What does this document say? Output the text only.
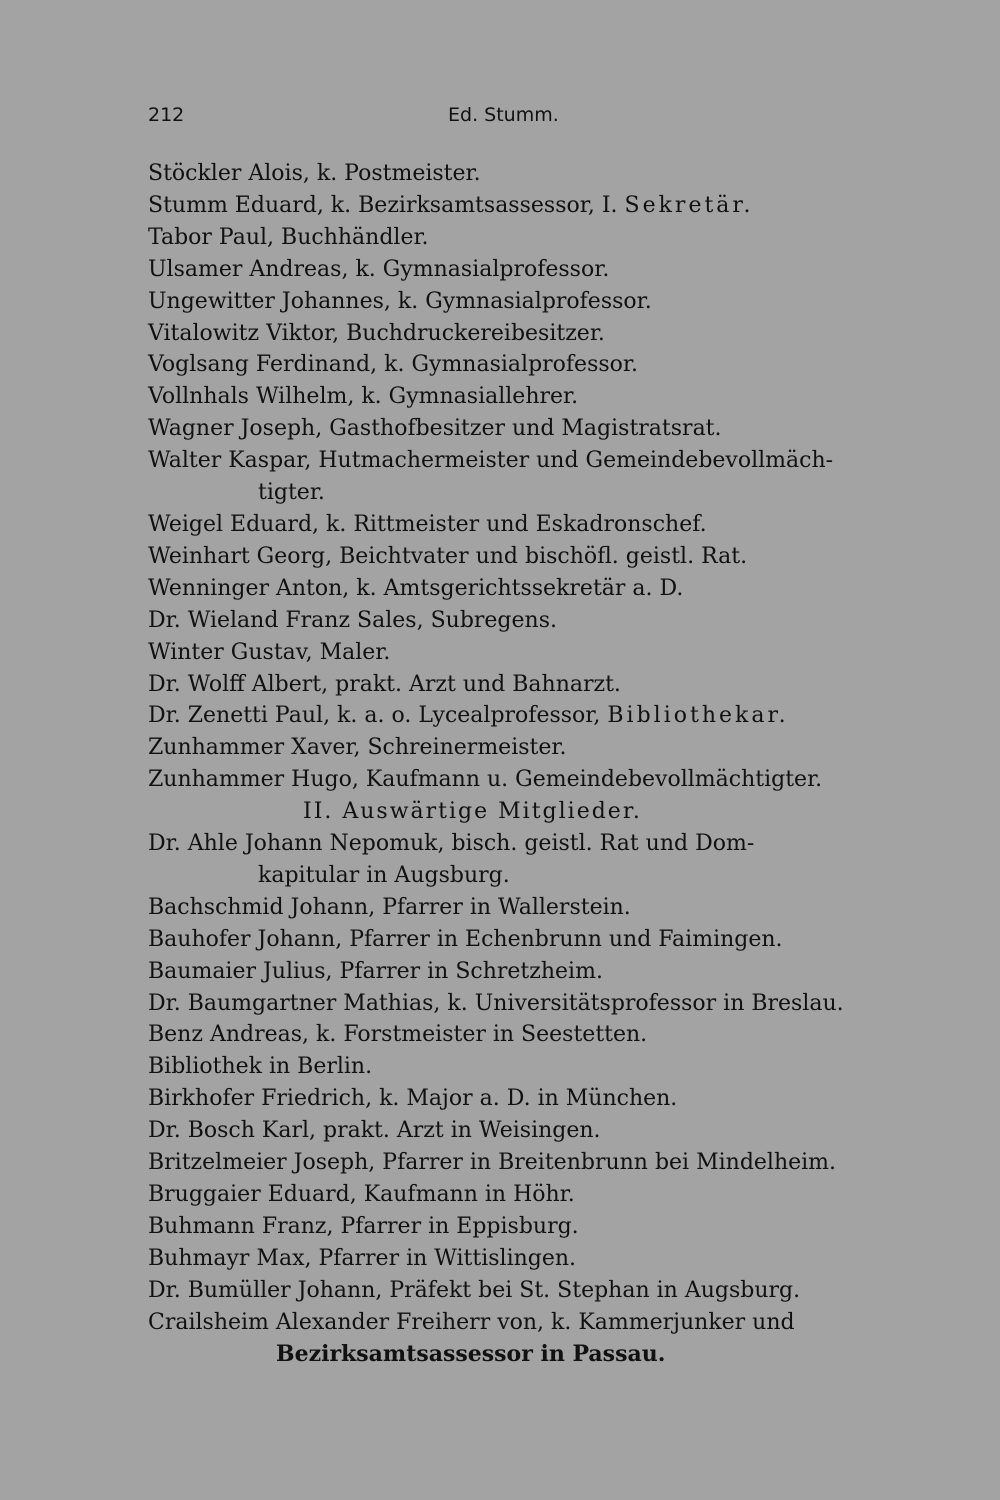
212	Ed. Stumm.
Stöckler Alois, k. Postmeister.
Stumm Eduard, k. Bezirksamtsassessor, I. Sekretär.
Tabor Paul, Buchhändler.
Ulsamer Andreas, k. Gymnasialprofessor.
Ungewitter Johannes, k. Gymnasialprofessor.
Vitalowitz Viktor, Buchdruckereibesitzer.
Voglsang Ferdinand, k. Gymnasialprofessor.
Vollnhals Wilhelm, k. Gymnasiallehrer.
Wagner Joseph, Gasthofbesitzer und Magistratsrat.
Walter Kaspar, Hutmachermeister und Gemeindebevollmäch-
tigter.
Weigel Eduard, k. Rittmeister und Eskadronschef.
Weinhart Georg, Beichtvater und bischöfl. geistl. Rat.
Wenninger Anton, k. Amtsgerichtssekretär a. D.
Dr. Wieland Franz Sales, Subregens.
Winter Gustav, Maler.
Dr. Wolff Albert, prakt. Arzt und Bahnarzt.
Dr. Zenetti Paul, k. a. o. Lycealprofessor, Bibliothekar.
Zunhammer Xaver, Schreinermeister.
Zunhammer Hugo, Kaufmann u. Gemeindebevollmächtigter.
II. Auswärtige Mitglieder.
Dr. Ahle Johann Nepomuk, bisch. geistl. Rat und Dom-
kapitular in Augsburg.
Bachschmid Johann, Pfarrer in Wallerstein.
Bauhofer Johann, Pfarrer in Echenbrunn und Faimingen.
Baumaier Julius, Pfarrer in Schretzheim.
Dr. Baumgartner Mathias, k. Universitätsprofessor in Breslau.
Benz Andreas, k. Forstmeister in Seestetten.
Bibliothek in Berlin.
Birkhofer Friedrich, k. Major a. D. in München.
Dr. Bosch Karl, prakt. Arzt in Weisingen.
Britzelmeier Joseph, Pfarrer in Breitenbrunn bei Mindelheim.
Bruggaier Eduard, Kaufmann in Höhr.
Buhmann Franz, Pfarrer in Eppisburg.
Buhmayr Max, Pfarrer in Wittislingen.
Dr. Bumüller Johann, Präfekt bei St. Stephan in Augsburg.
Crailsheim Alexander Freiherr von, k. Kammerjunker und
Bezirksamtsassessor in Passau.
